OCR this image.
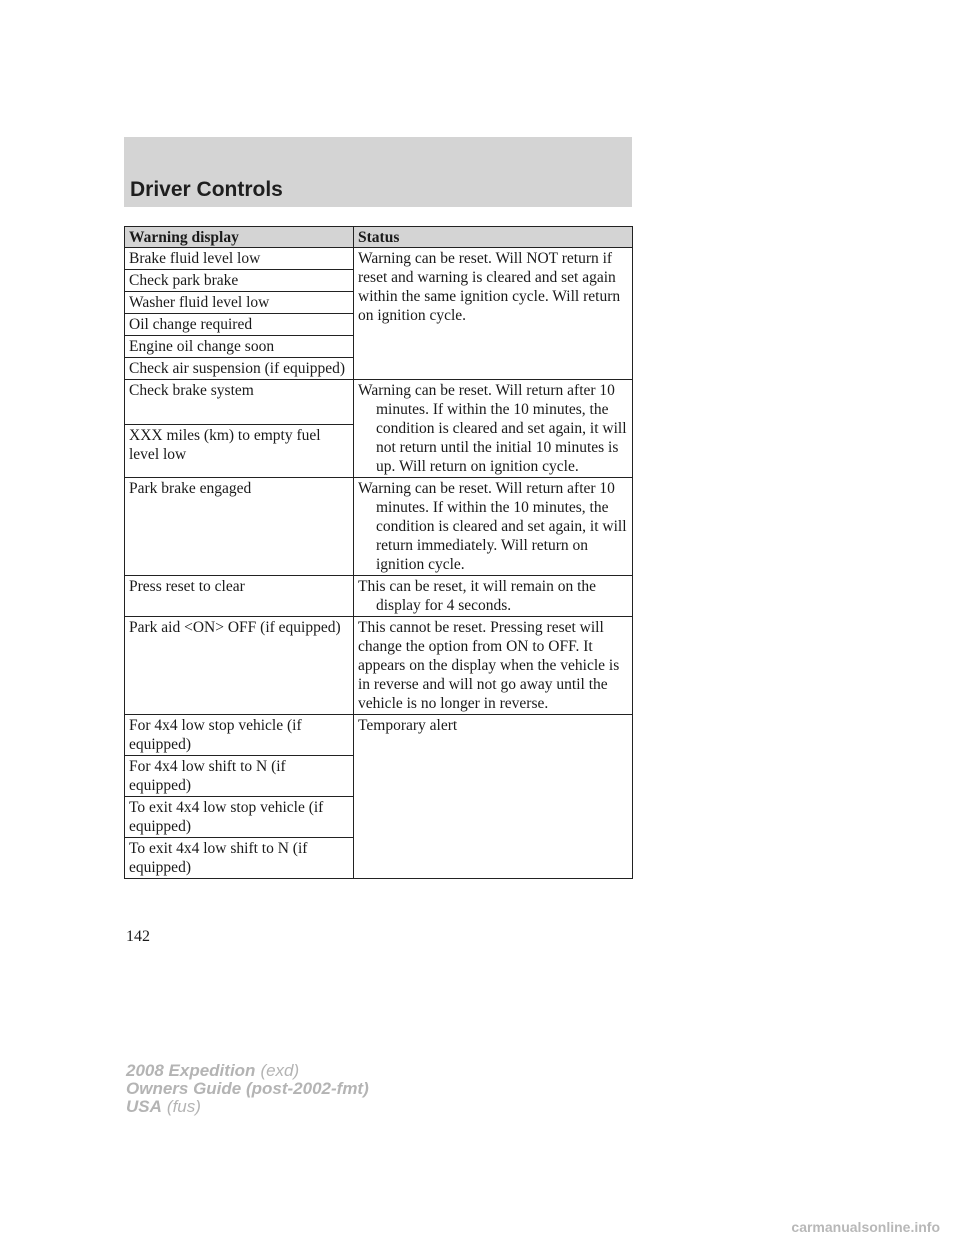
Driver Controls
Warning display	Status
Brake fluid level low	Warning can be reset. Will NOT return if reset and warning is cleared and set again within the same ignition cycle. Will return on ignition cycle.
Check park brake	
Washer fluid level low	
Oil change required	
Engine oil change soon	
Check air suspension (if equipped)	
Check brake system	Warning can be reset. Will return after 10 minutes. If within the 10 minutes, the condition is cleared and set again, it will not return until the initial 10 minutes is up. Will return on ignition cycle.
XXX miles (km) to empty fuel level low	
Park brake engaged	Warning can be reset. Will return after 10 minutes. If within the 10 minutes, the condition is cleared and set again, it will return immediately. Will return on ignition cycle.
Press reset to clear	This can be reset, it will remain on the display for 4 seconds.
Park aid <ON> OFF (if equipped)	This cannot be reset. Pressing reset will change the option from ON to OFF. It appears on the display when the vehicle is in reverse and will not go away until the vehicle is no longer in reverse.
For 4x4 low stop vehicle (if equipped)	Temporary alert
For 4x4 low shift to N (if equipped)	
To exit 4x4 low stop vehicle (if equipped)	
To exit 4x4 low shift to N (if equipped)	
142
2008 Expedition (exd)
Owners Guide (post-2002-fmt)
USA (fus)
carmanualsonline.info
